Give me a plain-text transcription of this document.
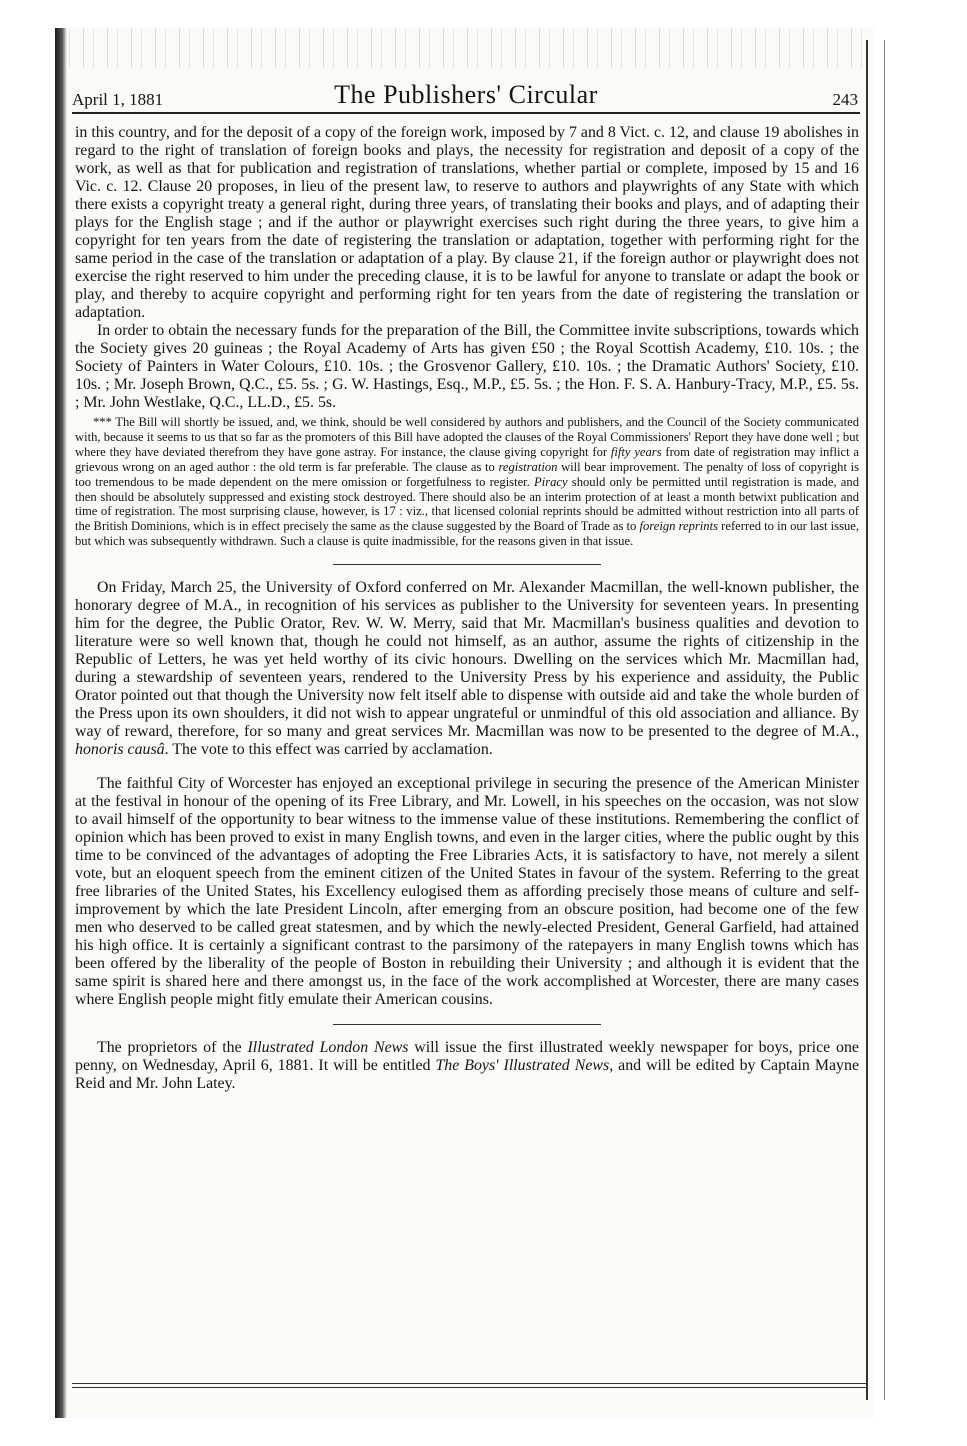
April 1, 1881	The Publishers' Circular	243

in this country, and for the deposit of a copy of the foreign work, imposed by 7 and 8 Vict. c. 12, and clause 19 abolishes in regard to the right of translation of foreign books and plays, the necessity for registration and deposit of a copy of the work, as well as that for publication and registration of translations, whether partial or complete, imposed by 15 and 16 Vic. c. 12. Clause 20 proposes, in lieu of the present law, to reserve to authors and playwrights of any State with which there exists a copyright treaty a general right, during three years, of translating their books and plays, and of adapting their plays for the English stage ; and if the author or playwright exercises such right during the three years, to give him a copyright for ten years from the date of registering the translation or adaptation, together with performing right for the same period in the case of the translation or adaptation of a play. By clause 21, if the foreign author or playwright does not exercise the right reserved to him under the preceding clause, it is to be lawful for anyone to translate or adapt the book or play, and thereby to acquire copyright and performing right for ten years from the date of registering the translation or adaptation.

In order to obtain the necessary funds for the preparation of the Bill, the Committee invite subscriptions, towards which the Society gives 20 guineas ; the Royal Academy of Arts has given £50 ; the Royal Scottish Academy, £10. 10s. ; the Society of Painters in Water Colours, £10. 10s. ; the Grosvenor Gallery, £10. 10s. ; the Dramatic Authors' Society, £10. 10s. ; Mr. Joseph Brown, Q.C., £5. 5s. ; G. W. Hastings, Esq., M.P., £5. 5s. ; the Hon. F. S. A. Hanbury-Tracy, M.P., £5. 5s. ; Mr. John Westlake, Q.C., LL.D., £5. 5s.

*** The Bill will shortly be issued, and, we think, should be well considered by authors and publishers, and the Council of the Society communicated with, because it seems to us that so far as the promoters of this Bill have adopted the clauses of the Royal Commissioners' Report they have done well ; but where they have deviated therefrom they have gone astray. For instance, the clause giving copyright for fifty years from date of registration may inflict a grievous wrong on an aged author : the old term is far preferable. The clause as to registration will bear improvement. The penalty of loss of copyright is too tremendous to be made dependent on the mere omission or forgetfulness to register. Piracy should only be permitted until registration is made, and then should be absolutely suppressed and existing stock destroyed. There should also be an interim protection of at least a month betwixt publication and time of registration. The most surprising clause, however, is 17 : viz., that licensed colonial reprints should be admitted without restriction into all parts of the British Dominions, which is in effect precisely the same as the clause suggested by the Board of Trade as to foreign reprints referred to in our last issue, but which was subsequently withdrawn. Such a clause is quite inadmissible, for the reasons given in that issue.

On Friday, March 25, the University of Oxford conferred on Mr. Alexander Macmillan, the well-known publisher, the honorary degree of M.A., in recognition of his services as publisher to the University for seventeen years. In presenting him for the degree, the Public Orator, Rev. W. W. Merry, said that Mr. Macmillan's business qualities and devotion to literature were so well known that, though he could not himself, as an author, assume the rights of citizenship in the Republic of Letters, he was yet held worthy of its civic honours. Dwelling on the services which Mr. Macmillan had, during a stewardship of seventeen years, rendered to the University Press by his experience and assiduity, the Public Orator pointed out that though the University now felt itself able to dispense with outside aid and take the whole burden of the Press upon its own shoulders, it did not wish to appear ungrateful or unmindful of this old association and alliance. By way of reward, therefore, for so many and great services Mr. Macmillan was now to be presented to the degree of M.A., honoris causâ. The vote to this effect was carried by acclamation.

The faithful City of Worcester has enjoyed an exceptional privilege in securing the presence of the American Minister at the festival in honour of the opening of its Free Library, and Mr. Lowell, in his speeches on the occasion, was not slow to avail himself of the opportunity to bear witness to the immense value of these institutions. Remembering the conflict of opinion which has been proved to exist in many English towns, and even in the larger cities, where the public ought by this time to be convinced of the advantages of adopting the Free Libraries Acts, it is satisfactory to have, not merely a silent vote, but an eloquent speech from the eminent citizen of the United States in favour of the system. Referring to the great free libraries of the United States, his Excellency eulogised them as affording precisely those means of culture and self-improvement by which the late President Lincoln, after emerging from an obscure position, had become one of the few men who deserved to be called great statesmen, and by which the newly-elected President, General Garfield, had attained his high office. It is certainly a significant contrast to the parsimony of the ratepayers in many English towns which has been offered by the liberality of the people of Boston in rebuilding their University ; and although it is evident that the same spirit is shared here and there amongst us, in the face of the work accomplished at Worcester, there are many cases where English people might fitly emulate their American cousins.

The proprietors of the Illustrated London News will issue the first illustrated weekly newspaper for boys, price one penny, on Wednesday, April 6, 1881. It will be entitled The Boys' Illustrated News, and will be edited by Captain Mayne Reid and Mr. John Latey.
